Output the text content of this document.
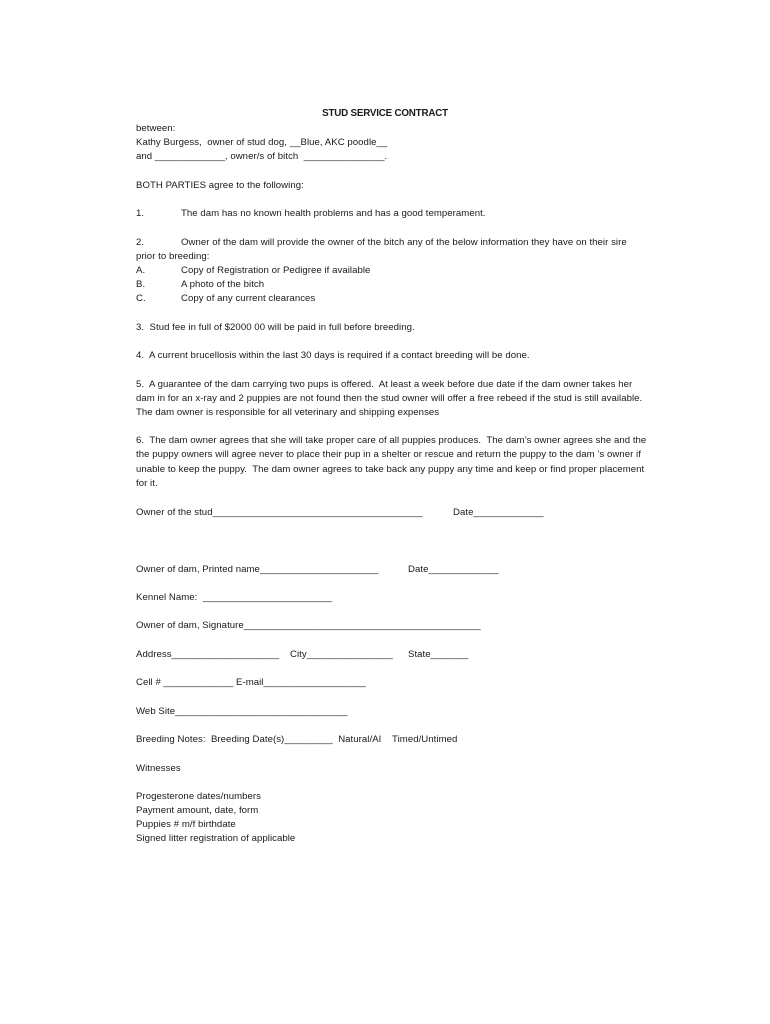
STUD SERVICE CONTRACT
between:
Kathy Burgess,  owner of stud dog, __Blue, AKC poodle__
and _____________, owner/s of bitch  _______________.
BOTH PARTIES agree to the following:
1.	The dam has no known health problems and has a good temperament.
2.	Owner of the dam will provide the owner of the bitch any of the below information they have on their sire
prior to breeding:
A.	Copy of Registration or Pedigree if available
B.	A photo of the bitch
C.	Copy of any current clearances
3.  Stud fee in full of $2000 00 will be paid in full before breeding.
4.  A current brucellosis within the last 30 days is required if a contact breeding will be done.
5.  A guarantee of the dam carrying two pups is offered.  At least a week before due date if the dam owner takes her
dam in for an x-ray and 2 puppies are not found then the stud owner will offer a free rebeed if the stud is still available.
The dam owner is responsible for all veterinary and shipping expenses
6.  The dam owner agrees that she will take proper care of all puppies produces.  The dam’s owner agrees she and the
the puppy owners will agree never to place their pup in a shelter or rescue and return the puppy to the dam ’s owner if
unable to keep the puppy.  The dam owner agrees to take back any puppy any time and keep or find proper placement
for it.
Owner of the stud_______________________________________	Date_____________
Owner of dam, Printed name______________________	Date_____________
Kennel Name:  ________________________
Owner of dam, Signature____________________________________________
Address____________________ City________________ State_______
Cell # _____________ E-mail___________________
Web Site________________________________
Breeding Notes:  Breeding Date(s)_________  Natural/AI    Timed/Untimed
Witnesses
Progesterone dates/numbers
Payment amount, date, form
Puppies # m/f birthdate
Signed litter registration of applicable
